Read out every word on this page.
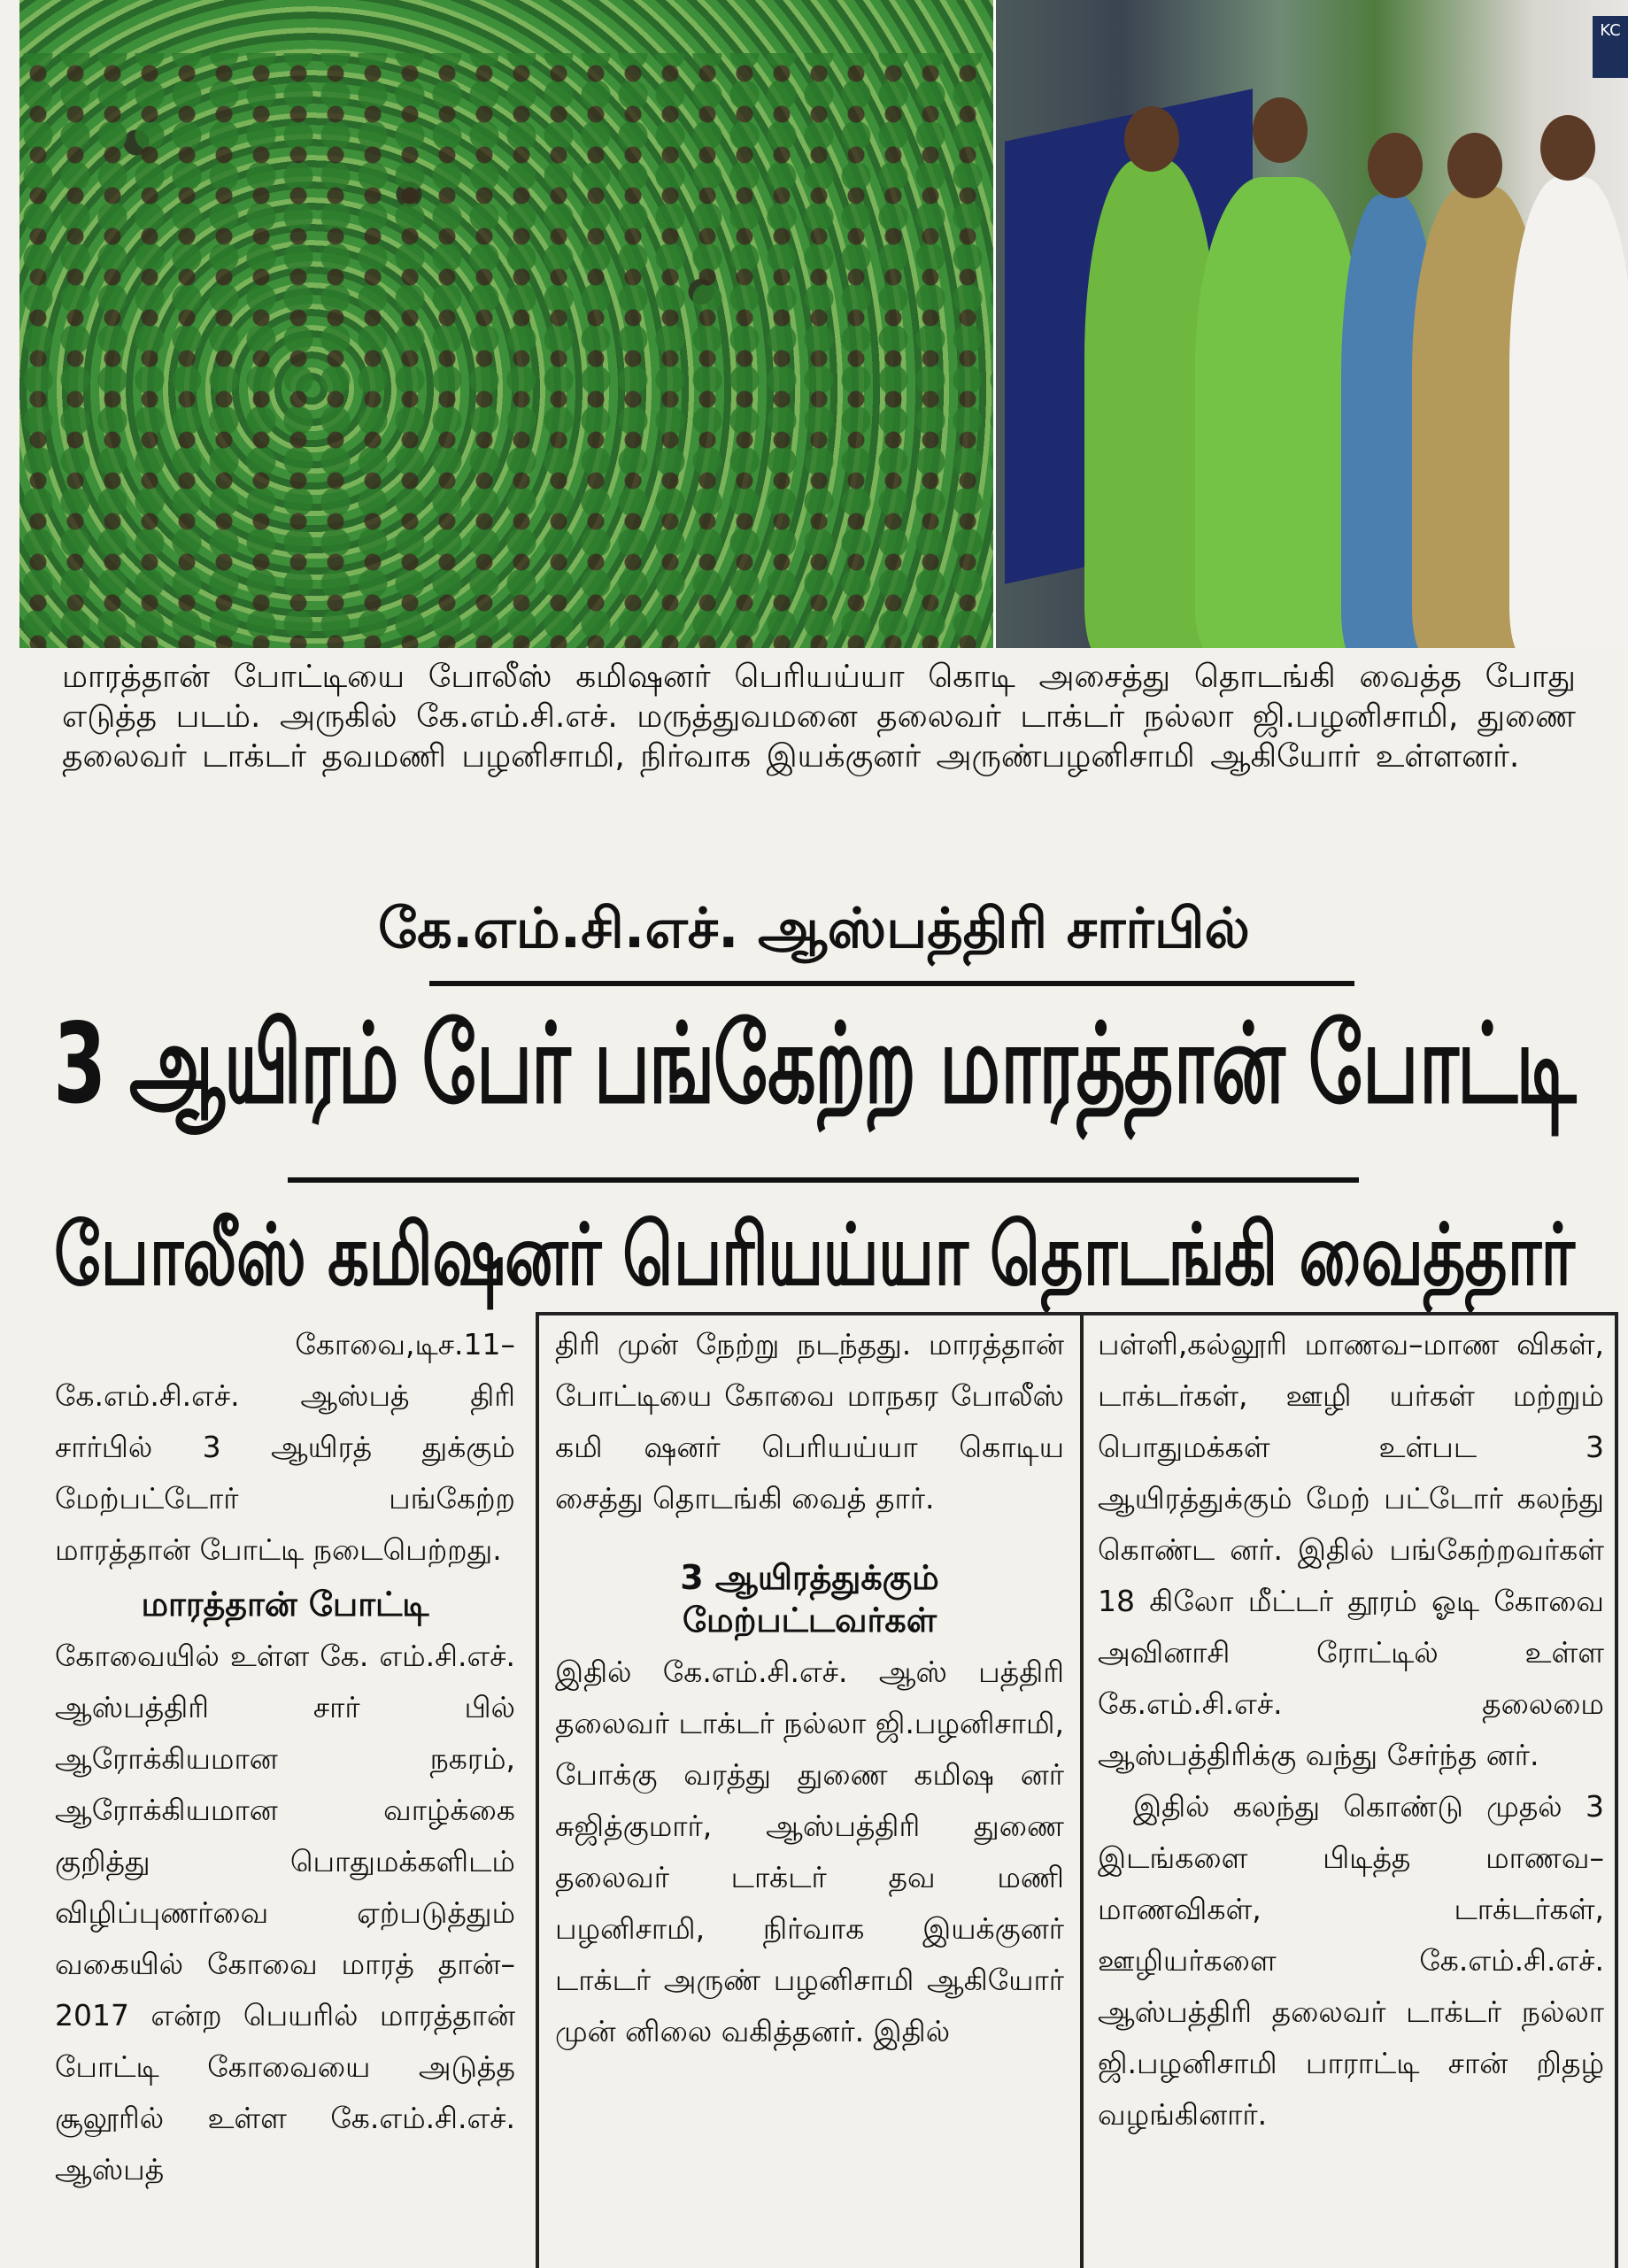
KC

மாரத்தான் போட்டியை போலீஸ் கமிஷனர் பெரியய்யா கொடி அசைத்து தொடங்கி வைத்த போது எடுத்த படம். அருகில் கே.எம்.சி.எச். மருத்துவமனை தலைவர் டாக்டர் நல்லா ஜி.பழனிசாமி, துணை தலைவர் டாக்டர் தவமணி பழனிசாமி, நிர்வாக இயக்குனர் அருண்பழனிசாமி ஆகியோர் உள்ளனர்.

கே.எம்.சி.எச். ஆஸ்பத்திரி சார்பில்
3 ஆயிரம் பேர் பங்கேற்ற மாரத்தான் போட்டி
போலீஸ் கமிஷனர் பெரியய்யா தொடங்கி வைத்தார்

கோவை,டிச.11–

கே.எம்.சி.எச். ஆஸ்பத் திரி சார்பில் 3 ஆயிரத் துக்கும் மேற்பட்டோர் பங்கேற்ற மாரத்தான் போட்டி நடைபெற்றது.

மாரத்தான் போட்டி

கோவையில் உள்ள கே. எம்.சி.எச். ஆஸ்பத்திரி சார் பில் ஆரோக்கியமான நகரம், ஆரோக்கியமான வாழ்க்கை குறித்து பொதுமக்களிடம் விழிப்புணர்வை ஏற்படுத்தும் வகையில் கோவை மாரத் தான்– 2017 என்ற பெயரில் மாரத்தான் போட்டி கோவையை அடுத்த சூலூரில் உள்ள கே.எம்.சி.எச். ஆஸ்பத்

திரி முன் நேற்று நடந்தது. மாரத்தான் போட்டியை கோவை மாநகர போலீஸ் கமி ஷனர் பெரியய்யா கொடிய சைத்து தொடங்கி வைத் தார்.

3 ஆயிரத்துக்கும்
மேற்பட்டவர்கள்

இதில் கே.எம்.சி.எச். ஆஸ் பத்திரி தலைவர் டாக்டர் நல்லா ஜி.பழனிசாமி, போக்கு வரத்து துணை கமிஷ னர் சுஜித்குமார், ஆஸ்பத்திரி துணை தலைவர் டாக்டர் தவ மணி பழனிசாமி, நிர்வாக இயக்குனர் டாக்டர் அருண் பழனிசாமி ஆகியோர் முன் னிலை வகித்தனர். இதில்

பள்ளி,கல்லூரி மாணவ–மாண விகள், டாக்டர்கள், ஊழி யர்கள் மற்றும் பொதுமக்கள் உள்பட 3 ஆயிரத்துக்கும் மேற் பட்டோர் கலந்து கொண்ட னர். இதில் பங்கேற்றவர்கள் 18 கிலோ மீட்டர் தூரம் ஓடி கோவை அவினாசி ரோட்டில் உள்ள கே.எம்.சி.எச். தலைமை ஆஸ்பத்திரிக்கு வந்து சேர்ந்த னர்.

இதில் கலந்து கொண்டு முதல் 3 இடங்களை பிடித்த மாணவ–மாணவிகள், டாக்டர்கள், ஊழியர்களை கே.எம்.சி.எச். ஆஸ்பத்திரி தலைவர் டாக்டர் நல்லா ஜி.பழனிசாமி பாராட்டி சான் றிதழ் வழங்கினார்.
